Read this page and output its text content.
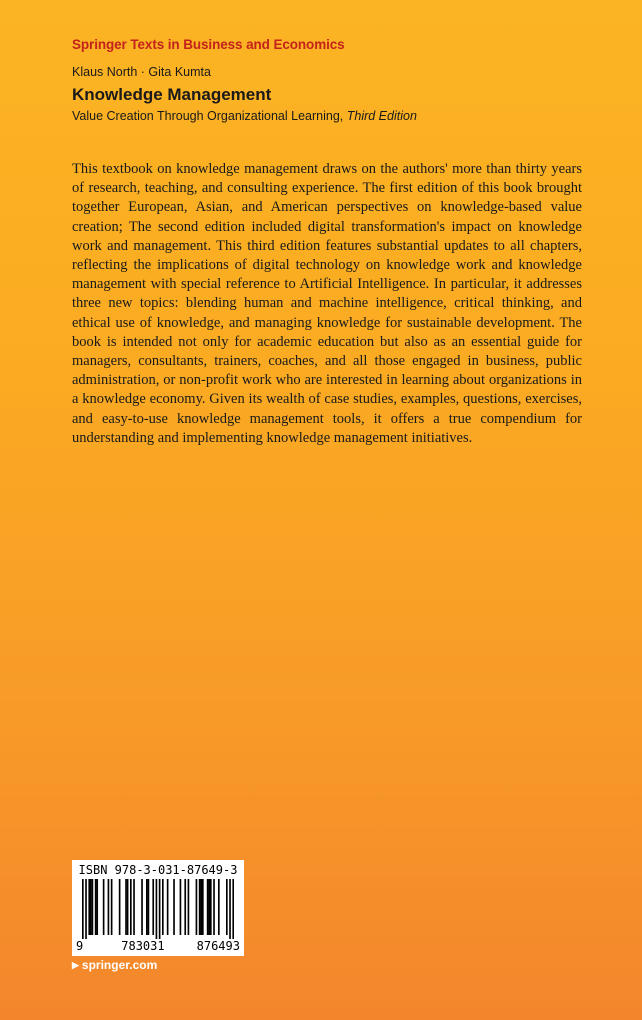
Springer Texts in Business and Economics
Klaus North · Gita Kumta
Knowledge Management
Value Creation Through Organizational Learning, Third Edition

This textbook on knowledge management draws on the authors' more than thirty years of research, teaching, and consulting experience. The first edition of this book brought together European, Asian, and American perspectives on knowledge-based value creation; The second edition included digital transformation's impact on knowledge work and management. This third edition features substantial updates to all chapters, reflecting the implications of digital technology on knowledge work and knowledge management with special reference to Artificial Intelligence. In particular, it addresses three new topics: blending human and machine intelligence, critical thinking, and ethical use of knowledge, and managing knowledge for sustainable development. The book is intended not only for academic education but also as an essential guide for managers, consultants, trainers, coaches, and all those engaged in business, public administration, or non-profit work who are interested in learning about organizations in a knowledge economy. Given its wealth of case studies, examples, questions, exercises, and easy-to-use knowledge management tools, it offers a true compendium for understanding and implementing knowledge management initiatives.

ISBN 978-3-031-87649-3
9	783031	876493
▶ springer.com
